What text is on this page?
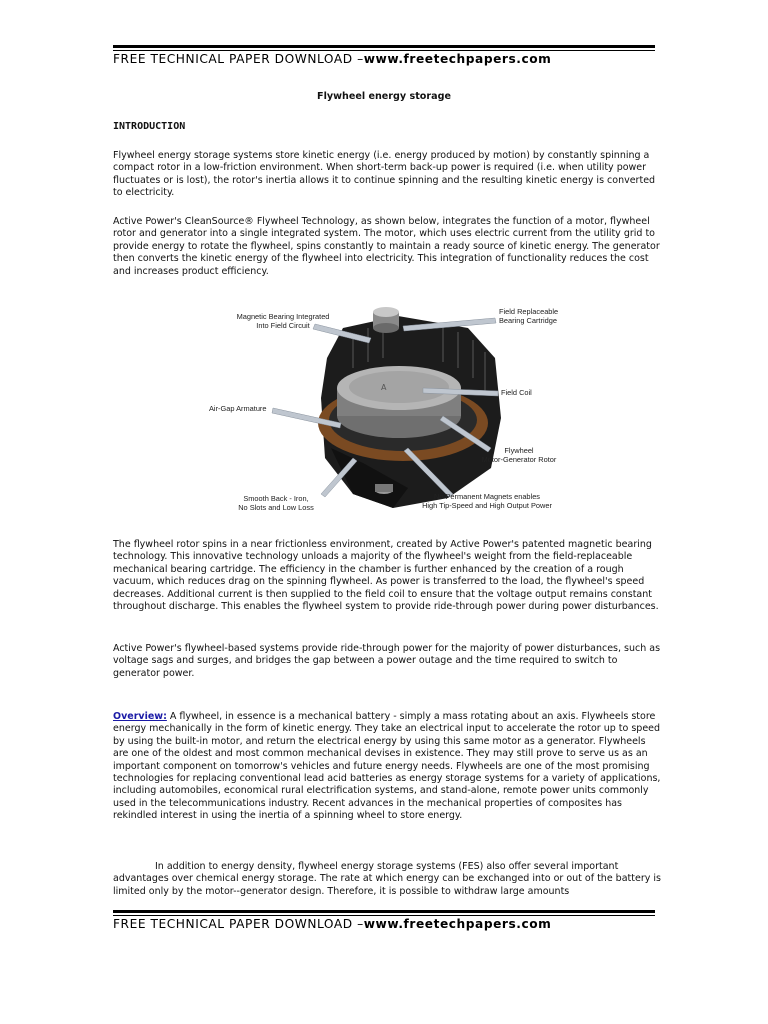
FREE TECHNICAL PAPER DOWNLOAD –www.freetechpapers.com
Flywheel energy storage
INTRODUCTION

Flywheel energy storage systems store kinetic energy (i.e. energy produced by motion) by constantly spinning a compact rotor in a low-friction environment. When short-term back-up power is required (i.e. when utility power fluctuates or is lost), the rotor's inertia allows it to continue spinning and the resulting kinetic energy is converted to electricity.

Active Power's CleanSource® Flywheel Technology, as shown below, integrates the function of a motor, flywheel rotor and generator into a single integrated system. The motor, which uses electric current from the utility grid to provide energy to rotate the flywheel, spins constantly to maintain a ready source of kinetic energy. The generator then converts the kinetic energy of the flywheel into electricity. This integration of functionality reduces the cost and increases product efficiency.

A
Magnetic Bearing Integrated
Into Field Circuit
Field Replaceable
Bearing Cartridge
Field Coil
Air-Gap Armature
Flywheel
Motor-Generator Rotor
Smooth Back - Iron,
No Slots and Low Loss
No Permanent Magnets enables
High Tip-Speed and High Output Power

The flywheel rotor spins in a near frictionless environment, created by Active Power's patented magnetic bearing technology. This innovative technology unloads a majority of the flywheel's weight from the field-replaceable mechanical bearing cartridge. The efficiency in the chamber is further enhanced by the creation of a rough vacuum, which reduces drag on the spinning flywheel. As power is transferred to the load, the flywheel's speed decreases. Additional current is then supplied to the field coil to ensure that the voltage output remains constant throughout discharge. This enables the flywheel system to provide ride-through power during power disturbances.

Active Power's flywheel-based systems provide ride-through power for the majority of power disturbances, such as voltage sags and surges, and bridges the gap between a power outage and the time required to switch to generator power.

Overview: A flywheel, in essence is a mechanical battery - simply a mass rotating about an axis. Flywheels store energy mechanically in the form of kinetic energy. They take an electrical input to accelerate the rotor up to speed by using the built-in motor, and return the electrical energy by using this same motor as a generator. Flywheels are one of the oldest and most common mechanical devises in existence. They may still prove to serve us as an important component on tomorrow's vehicles and future energy needs. Flywheels are one of the most promising technologies for replacing conventional lead acid batteries as energy storage systems for a variety of applications, including automobiles, economical rural electrification systems, and stand-alone, remote power units commonly used in the telecommunications industry. Recent advances in the mechanical properties of composites has rekindled interest in using the inertia of a spinning wheel to store energy.

In addition to energy density, flywheel energy storage systems (FES) also offer several important advantages over chemical energy storage. The rate at which energy can be exchanged into or out of the battery is limited only by the motor--generator design. Therefore, it is possible to withdraw large amounts

FREE TECHNICAL PAPER DOWNLOAD –www.freetechpapers.com
